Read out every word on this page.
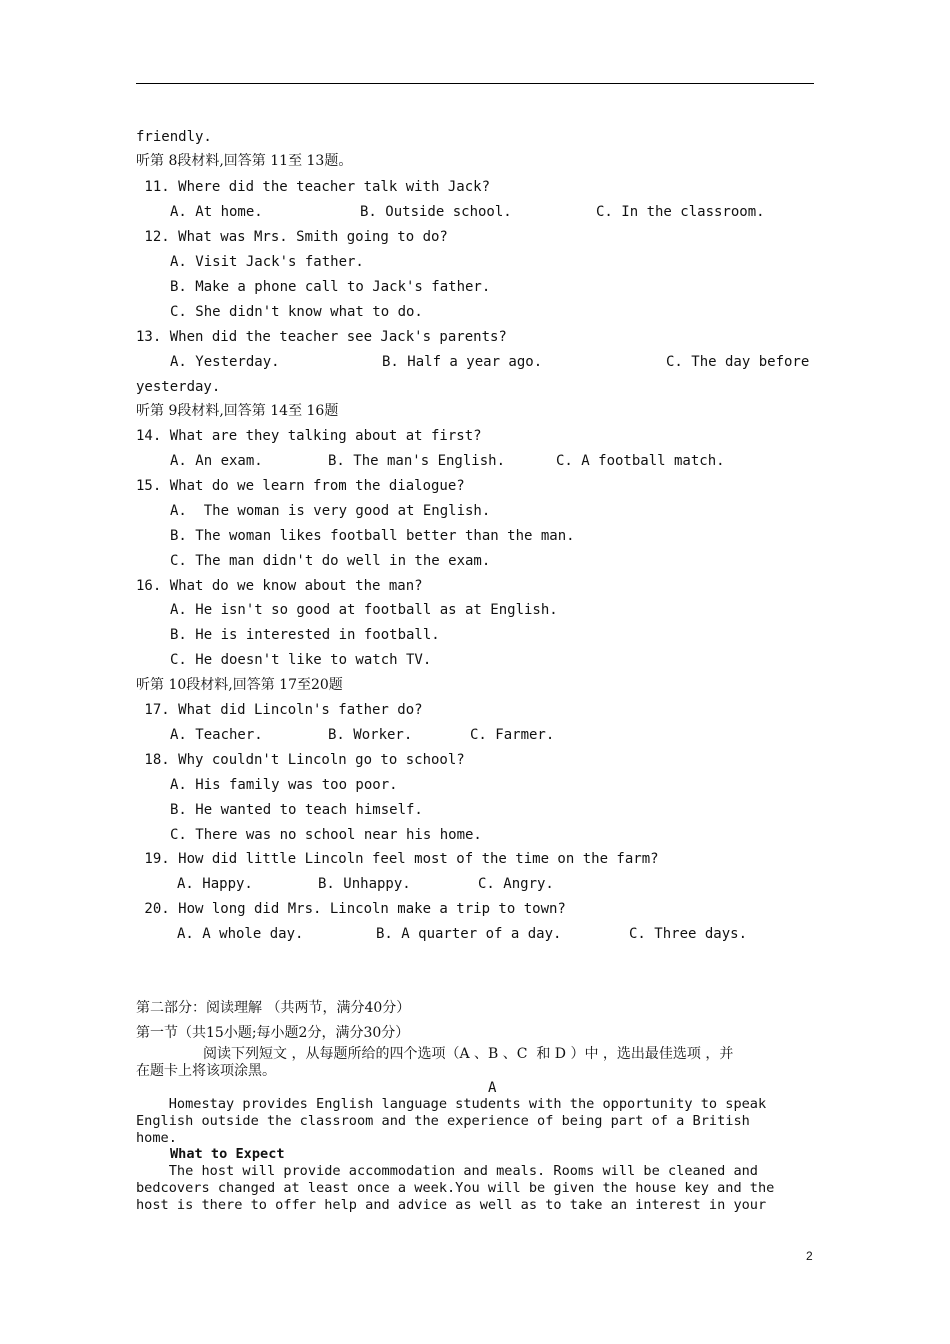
friendly.
听第 8段材料,回答第 11至 13题。
11. Where did the teacher talk with Jack?
A. At home.	B. Outside school.	C. In the classroom.
12. What was Mrs. Smith going to do?
A. Visit Jack's father.
B. Make a phone call to Jack's father.
C. She didn't know what to do.
13. When did the teacher see Jack's parents?
A. Yesterday.	B. Half a year ago.	C. The day before
yesterday.
听第 9段材料,回答第 14至 16题
14. What are they talking about at first?
A. An exam.	B. The man's English.	C. A football match.
15. What do we learn from the dialogue?
A.  The woman is very good at English.
B. The woman likes football better than the man.
C. The man didn't do well in the exam.
16. What do we know about the man?
A. He isn't so good at football as at English.
B. He is interested in football.
C. He doesn't like to watch TV.
听第 10段材料,回答第 17至20题
17. What did Lincoln's father do?
A. Teacher.	B. Worker.	C. Farmer.
18. Why couldn't Lincoln go to school?
A. His family was too poor.
B. He wanted to teach himself.
C. There was no school near his home.
19. How did little Lincoln feel most of the time on the farm?
A. Happy.	B. Unhappy.	C. Angry.
20. How long did Mrs. Lincoln make a trip to town?
A. A whole day.	B. A quarter of a day.	C. Three days.
第二部分：阅读理解 （共两节，满分40分）
第一节（共15小题;每小题2分，满分30分）
阅读下列短文 ，从每题所给的四个选项（A 、B 、C  和 D ）中 ，选出最佳选项 ，并
在题卡上将该项涂黑。
A
Homestay provides English language students with the opportunity to speak
English outside the classroom and the experience of being part of a British
home.
What to Expect
The host will provide accommodation and meals. Rooms will be cleaned and
bedcovers changed at least once a week.You will be given the house key and the
host is there to offer help and advice as well as to take an interest in your
2
